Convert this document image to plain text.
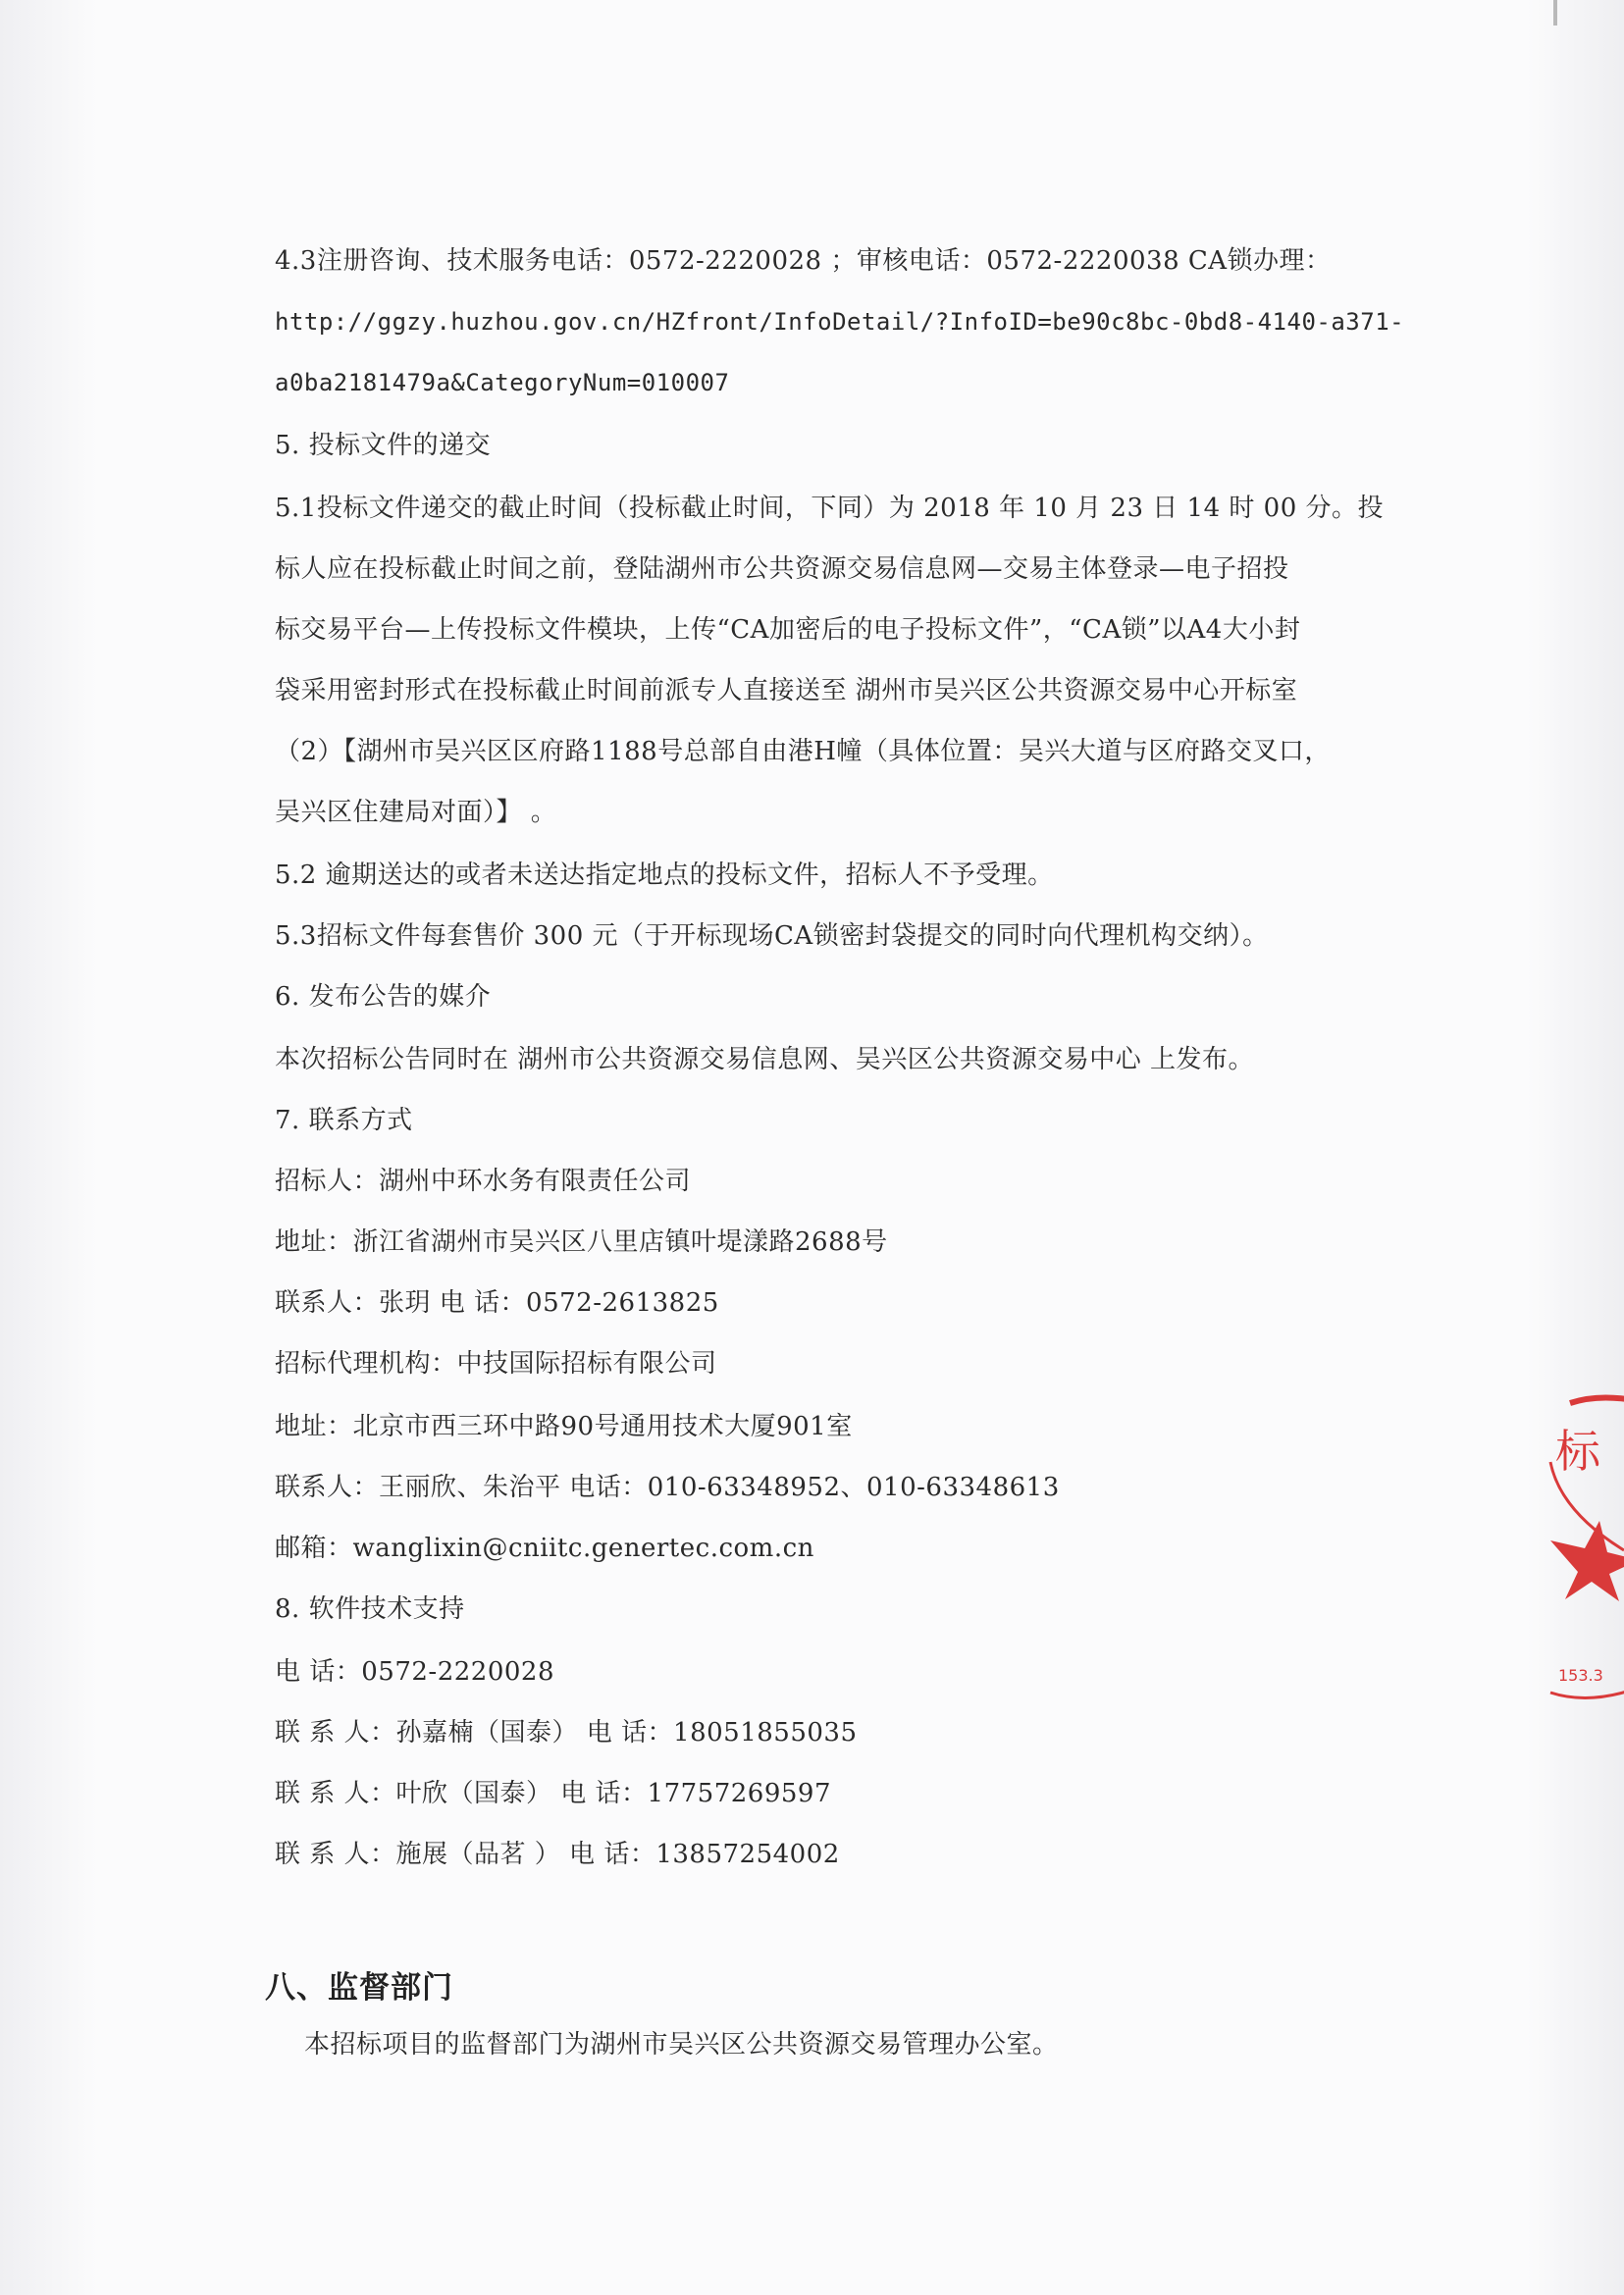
4.3注册咨询、技术服务电话：0572-2220028 ；审核电话：0572-2220038 CA锁办理：
http://ggzy.huzhou.gov.cn/HZfront/InfoDetail/?InfoID=be90c8bc-0bd8-4140-a371-
a0ba2181479a&CategoryNum=010007
5. 投标文件的递交
5.1投标文件递交的截止时间（投标截止时间，下同）为 2018 年 10 月 23 日 14 时 00 分。投
标人应在投标截止时间之前，登陆湖州市公共资源交易信息网—交易主体登录—电子招投
标交易平台—上传投标文件模块，上传“CA加密后的电子投标文件”，“CA锁”以A4大小封
袋采用密封形式在投标截止时间前派专人直接送至 湖州市吴兴区公共资源交易中心开标室
（2）【湖州市吴兴区区府路1188号总部自由港H幢（具体位置：吴兴大道与区府路交叉口，
吴兴区住建局对面）】 。
5.2 逾期送达的或者未送达指定地点的投标文件，招标人不予受理。
5.3招标文件每套售价 300 元（于开标现场CA锁密封袋提交的同时向代理机构交纳）。
6. 发布公告的媒介
本次招标公告同时在 湖州市公共资源交易信息网、吴兴区公共资源交易中心 上发布。
7. 联系方式
招标人：湖州中环水务有限责任公司
地址：浙江省湖州市吴兴区八里店镇叶堤漾路2688号
联系人：张玥 电 话：0572-2613825
招标代理机构：中技国际招标有限公司
地址：北京市西三环中路90号通用技术大厦901室
联系人：王丽欣、朱治平 电话：010-63348952、010-63348613
邮箱：wanglixin@cniitc.genertec.com.cn
8. 软件技术支持
电 话：0572-2220028
联 系 人：孙嘉楠（国泰） 电 话：18051855035
联 系 人：叶欣（国泰） 电 话：17757269597
联 系 人：施展（品茗 ） 电 话：13857254002
八、监督部门
本招标项目的监督部门为湖州市吴兴区公共资源交易管理办公室。
标
153.3
